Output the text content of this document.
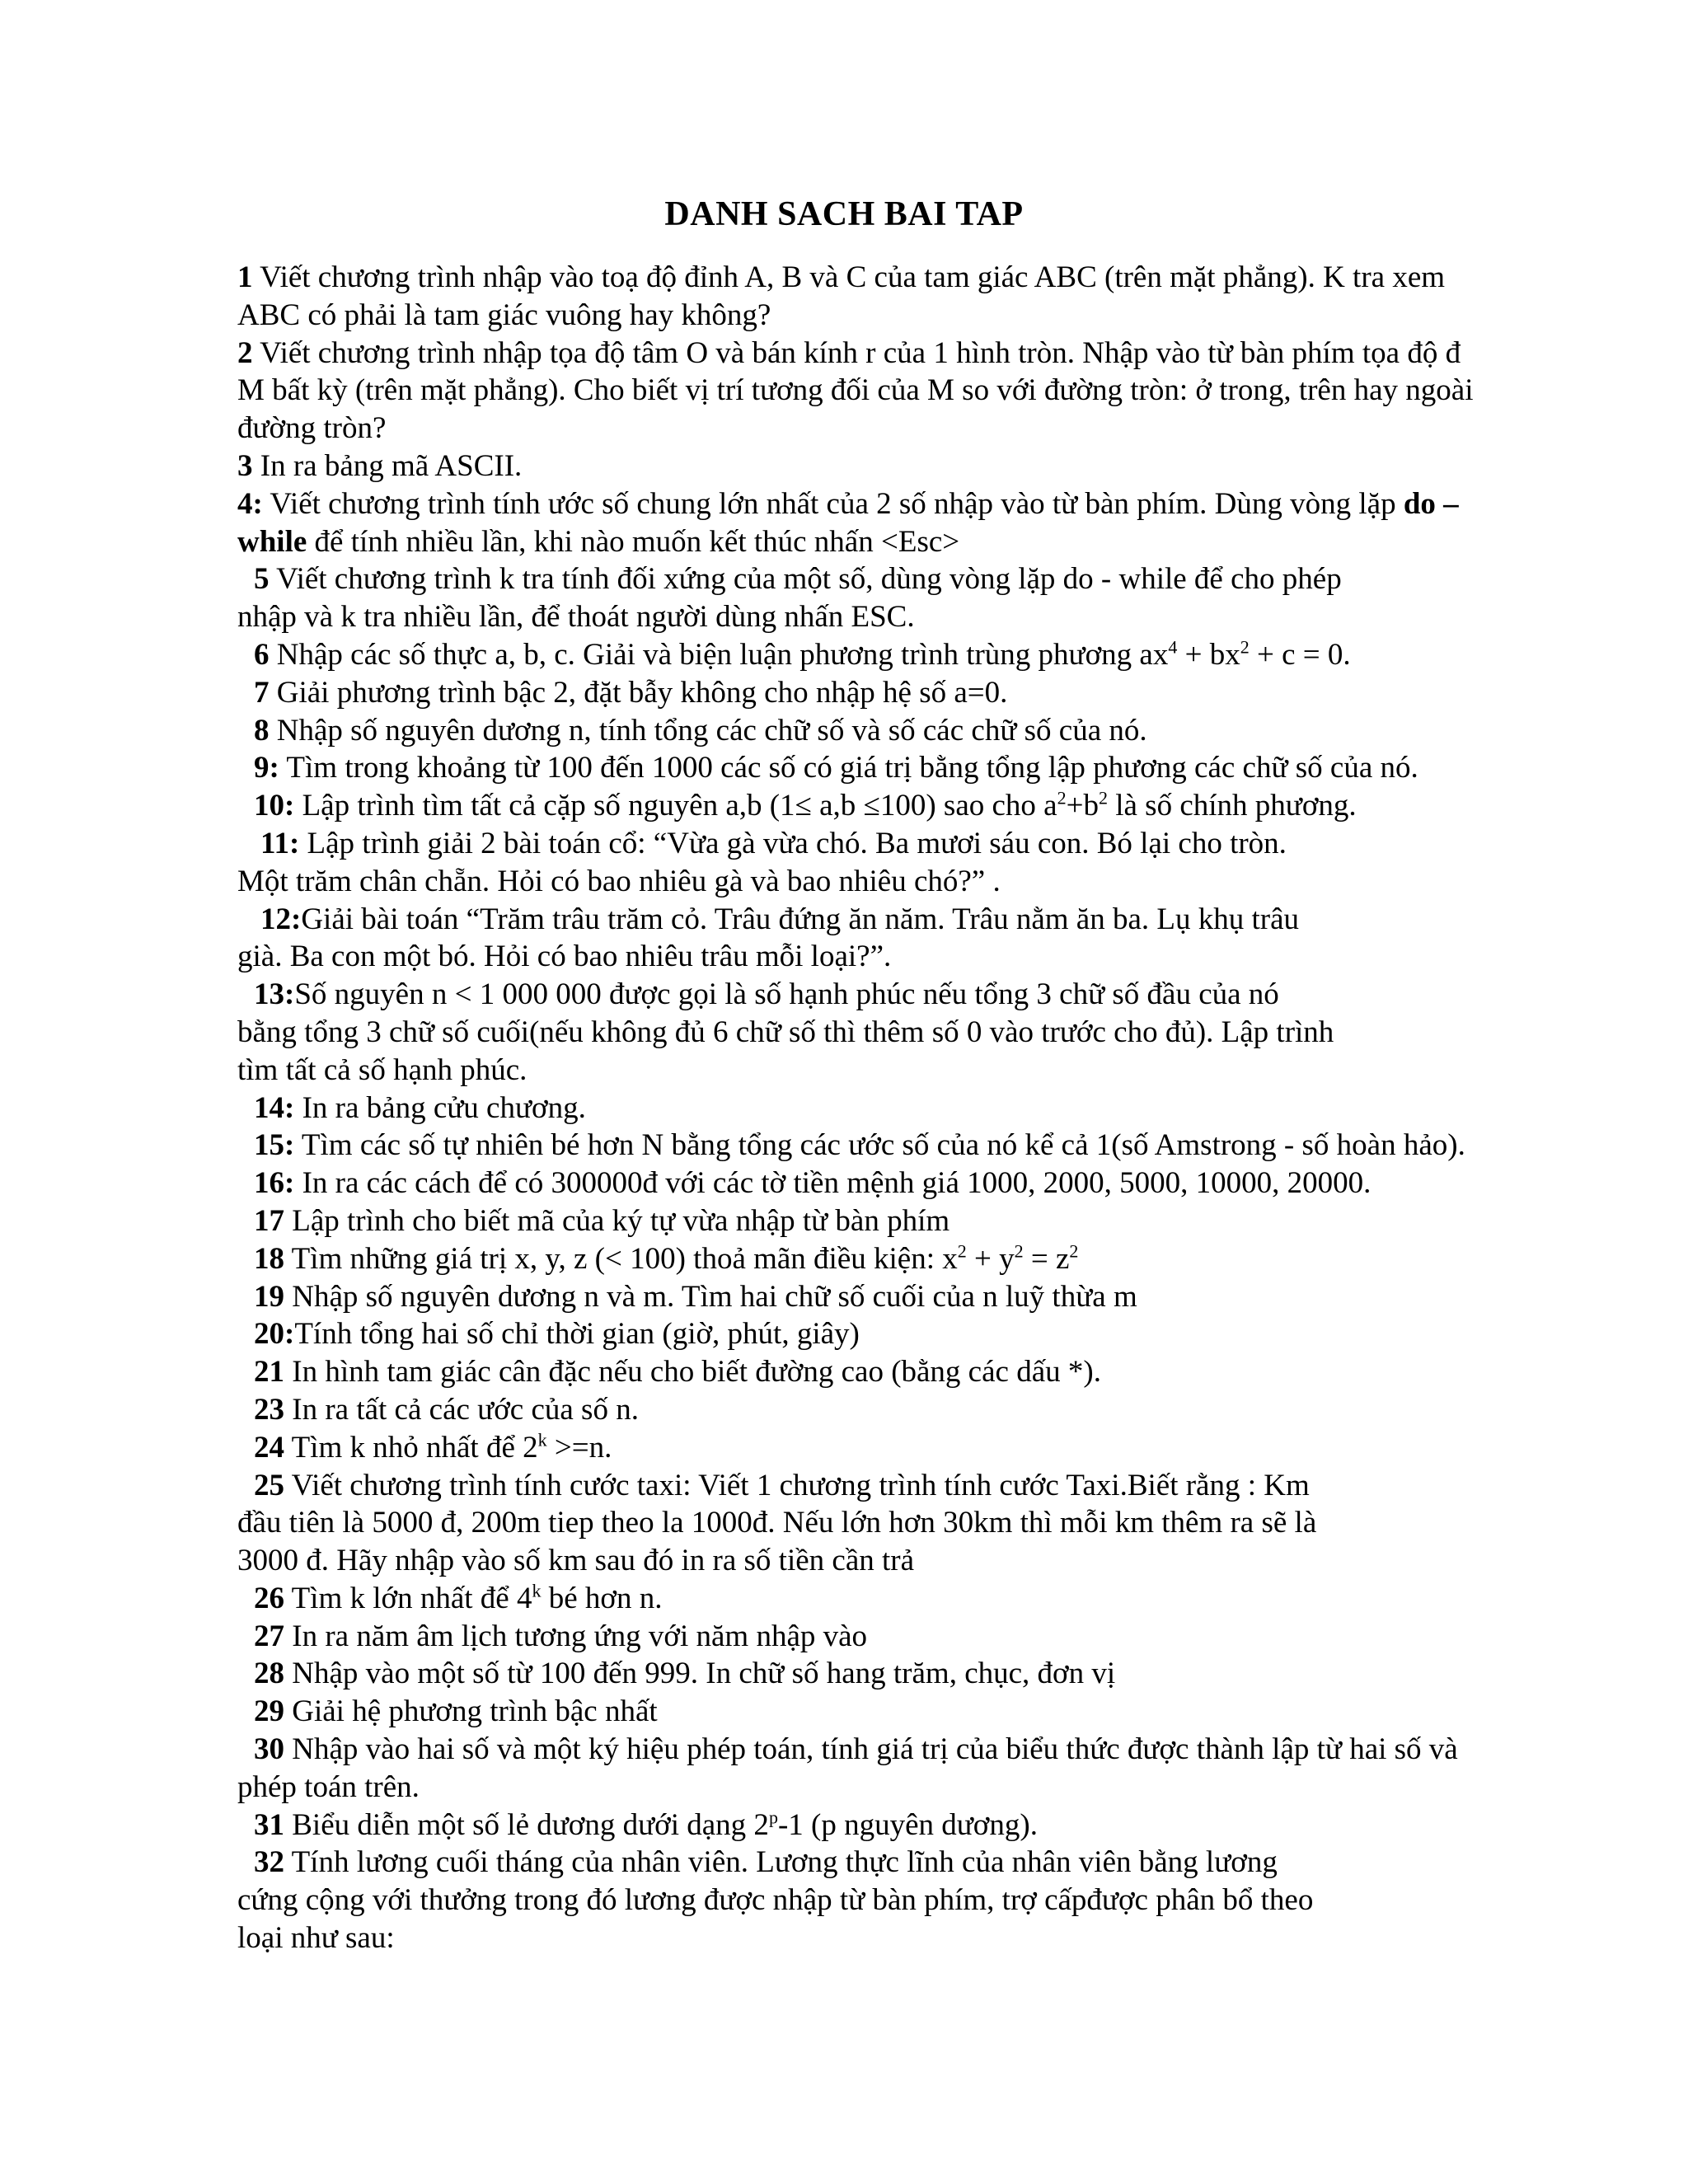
DANH SACH BAI TAP

1 Viết chương trình nhập vào toạ độ đỉnh A, B và C của tam giác ABC (trên mặt phẳng). K tra xem
ABC có phải là tam giác vuông hay không?

2 Viết chương trình nhập tọa độ tâm O và bán kính r của 1 hình tròn. Nhập vào từ bàn phím tọa độ đ
M bất kỳ (trên mặt phẳng). Cho biết vị trí tương đối của M so với đường tròn: ở trong, trên hay ngoài
đường tròn?

3 In ra bảng mã ASCII.

4: Viết chương trình tính ước số chung lớn nhất của 2 số nhập vào từ bàn phím. Dùng vòng lặp do –
while để tính nhiều lần, khi nào muốn kết thúc nhấn <Esc>

5 Viết chương trình k tra tính đối xứng của một số, dùng vòng lặp do - while để cho phép
nhập và k tra nhiều lần, để thoát người dùng nhấn ESC.

6 Nhập các số thực a, b, c. Giải và biện luận phương trình trùng phương $ax^4 + bx^2 + c = 0$.

7 Giải phương trình bậc 2, đặt bẫy không cho nhập hệ số a=0.

8 Nhập số nguyên dương n, tính tổng các chữ số và số các chữ số của nó.

9: Tìm trong khoảng từ 100 đến 1000 các số có giá trị bằng tổng lập phương các chữ số của nó.

10: Lập trình tìm tất cả cặp số nguyên a,b (1≤ a,b ≤100) sao cho $a^2+b^2$ là số chính phương.

11: Lập trình giải 2 bài toán cổ: “Vừa gà vừa chó. Ba mươi sáu con. Bó lại cho tròn.
Một trăm chân chẵn. Hỏi có bao nhiêu gà và bao nhiêu chó?” .

12:Giải bài toán “Trăm trâu trăm cỏ. Trâu đứng ăn năm. Trâu nằm ăn ba. Lụ khụ trâu
già. Ba con một bó. Hỏi có bao nhiêu trâu mỗi loại?”.

13:Số nguyên n < 1 000 000 được gọi là số hạnh phúc nếu tổng 3 chữ số đầu của nó
bằng tổng 3 chữ số cuối(nếu không đủ 6 chữ số thì thêm số 0 vào trước cho đủ). Lập trình
tìm tất cả số hạnh phúc.

14: In ra bảng cửu chương.

15: Tìm các số tự nhiên bé hơn N bằng tổng các ước số của nó kể cả 1(số Amstrong - số hoàn hảo).

16: In ra các cách để có 300000đ với các tờ tiền mệnh giá 1000, 2000, 5000, 10000, 20000.

17 Lập trình cho biết mã của ký tự vừa nhập từ bàn phím

18 Tìm những giá trị x, y, z (< 100) thoả mãn điều kiện: $x^2 + y^2 = z^2$

19 Nhập số nguyên dương n và m. Tìm hai chữ số cuối của n luỹ thừa m

20:Tính tổng hai số chỉ thời gian (giờ, phút, giây)

21 In hình tam giác cân đặc nếu cho biết đường cao (bằng các dấu *).

23 In ra tất cả các ước của số n.

24 Tìm k nhỏ nhất để $2^k >=n$.

25 Viết chương trình tính cước taxi: Viết 1 chương trình tính cước Taxi.Biết rằng : Km
đầu tiên là 5000 đ, 200m tiep theo la 1000đ. Nếu lớn hơn 30km thì mỗi km thêm ra sẽ là
3000 đ. Hãy nhập vào số km sau đó in ra số tiền cần trả

26 Tìm k lớn nhất để 4$^k$ bé hơn n.

27 In ra năm âm lịch tương ứng với năm nhập vào

28 Nhập vào một số từ 100 đến 999. In chữ số hang trăm, chục, đơn vị

29 Giải hệ phương trình bậc nhất

30 Nhập vào hai số và một ký hiệu phép toán, tính giá trị của biểu thức được thành lập từ hai số và
phép toán trên.

31 Biểu diễn một số lẻ dương dưới dạng 2$^p$-1 (p nguyên dương).

32 Tính lương cuối tháng của nhân viên. Lương thực lĩnh của nhân viên bằng lương
cứng cộng với thưởng trong đó lương được nhập từ bàn phím, trợ cấpđược phân bổ theo
loại như sau:
